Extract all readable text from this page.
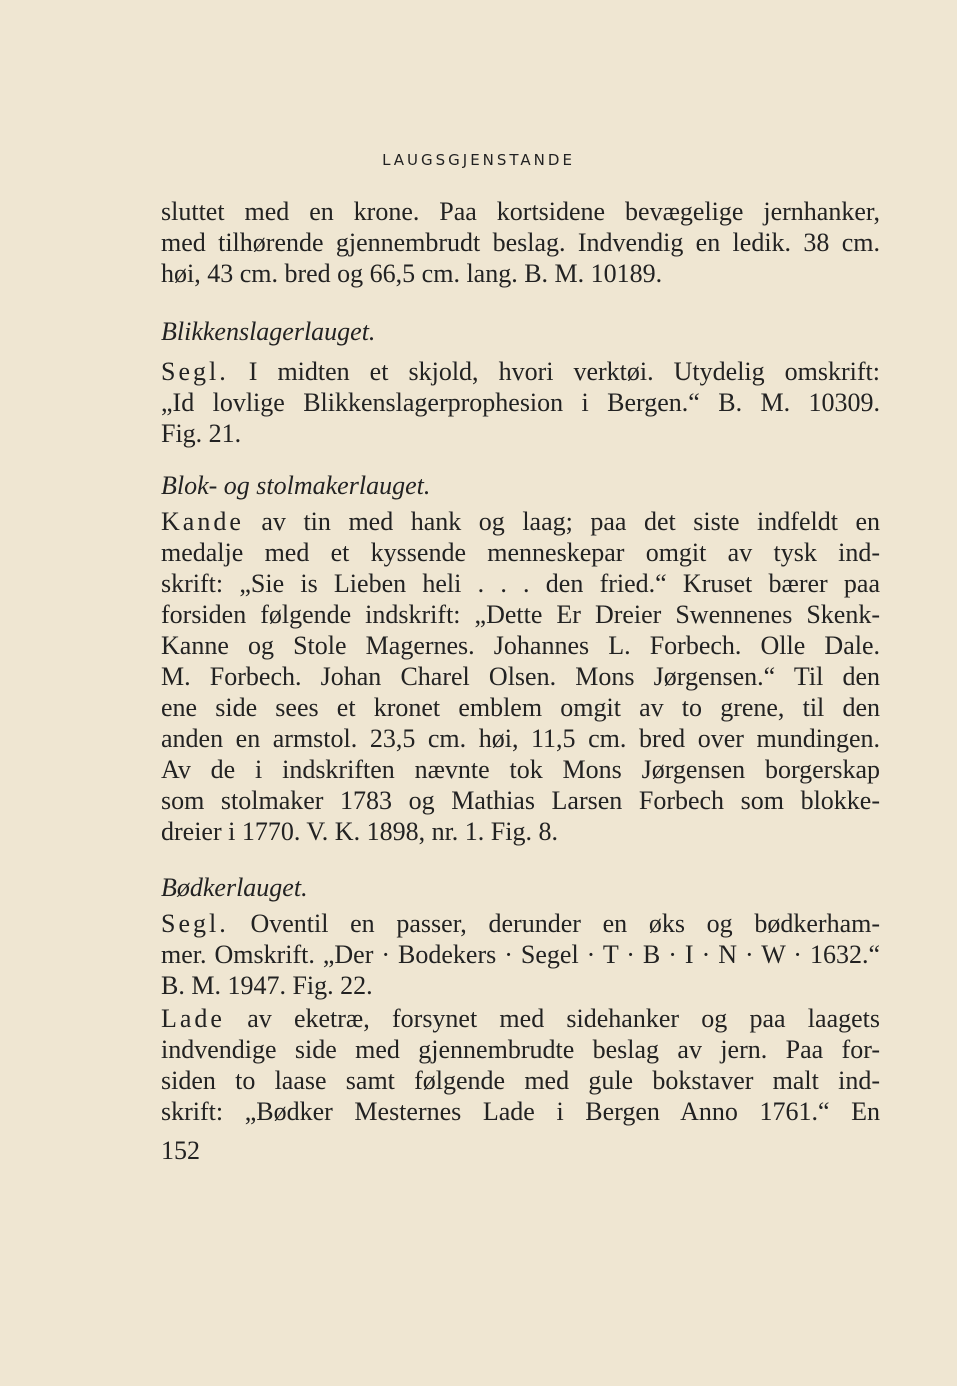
LAUGSGJENSTANDE
sluttet med en krone. Paa kortsidene bevægelige jernhanker,
med tilhørende gjennembrudt beslag. Indvendig en ledik. 38 cm.
høi, 43 cm. bred og 66,5 cm. lang. B. M. 10189.
Blikkenslagerlauget.
Segl. I midten et skjold, hvori verktøi. Utydelig omskrift:
„Id lovlige Blikkenslagerprophesion i Bergen.“ B. M. 10309.
Fig. 21.
Blok- og stolmakerlauget.
Kande av tin med hank og laag; paa det siste indfeldt en
medalje med et kyssende menneskepar omgit av tysk ind-
skrift: „Sie is Lieben heli . . . den fried.“ Kruset bærer paa
forsiden følgende indskrift: „Dette Er Dreier Swennenes Skenk-
Kanne og Stole Magernes. Johannes L. Forbech. Olle Dale.
M. Forbech. Johan Charel Olsen. Mons Jørgensen.“ Til den
ene side sees et kronet emblem omgit av to grene, til den
anden en armstol. 23,5 cm. høi, 11,5 cm. bred over mundingen.
Av de i indskriften nævnte tok Mons Jørgensen borgerskap
som stolmaker 1783 og Mathias Larsen Forbech som blokke-
dreier i 1770. V. K. 1898, nr. 1. Fig. 8.
Bødkerlauget.
Segl. Oventil en passer, derunder en øks og bødkerham-
mer. Omskrift. „Der · Bodekers · Segel · T · B · I · N · W · 1632.“
B. M. 1947. Fig. 22.
Lade av eketræ, forsynet med sidehanker og paa laagets
indvendige side med gjennembrudte beslag av jern. Paa for-
siden to laase samt følgende med gule bokstaver malt ind-
skrift: „Bødker Mesternes Lade i Bergen Anno 1761.“ En
152
